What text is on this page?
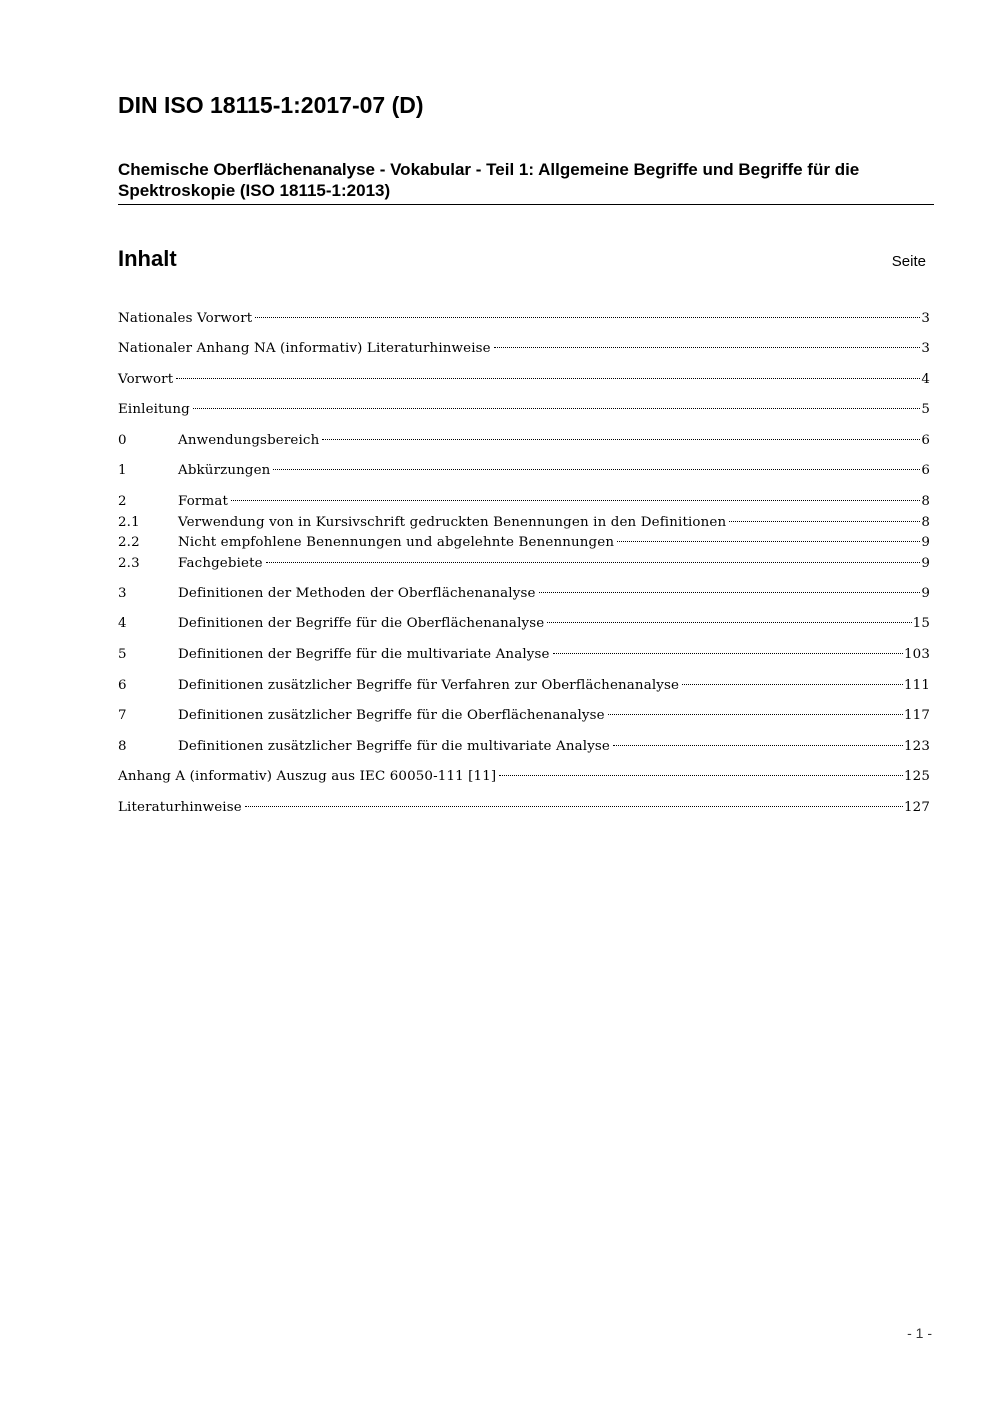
DIN ISO 18115-1:2017-07 (D)
Chemische Oberflächenanalyse - Vokabular - Teil 1: Allgemeine Begriffe und Begriffe für die Spektroskopie (ISO 18115-1:2013)
Inhalt	Seite
Nationales Vorwort	3
Nationaler Anhang NA (informativ) Literaturhinweise	3
Vorwort	4
Einleitung	5
0	Anwendungsbereich	6
1	Abkürzungen	6
2	Format	8
2.1	Verwendung von in Kursivschrift gedruckten Benennungen in den Definitionen	8
2.2	Nicht empfohlene Benennungen und abgelehnte Benennungen	9
2.3	Fachgebiete	9
3	Definitionen der Methoden der Oberflächenanalyse	9
4	Definitionen der Begriffe für die Oberflächenanalyse	15
5	Definitionen der Begriffe für die multivariate Analyse	103
6	Definitionen zusätzlicher Begriffe für Verfahren zur Oberflächenanalyse	111
7	Definitionen zusätzlicher Begriffe für die Oberflächenanalyse	117
8	Definitionen zusätzlicher Begriffe für die multivariate Analyse	123
Anhang A (informativ) Auszug aus IEC 60050-111 [11]	125
Literaturhinweise	127
- 1 -
